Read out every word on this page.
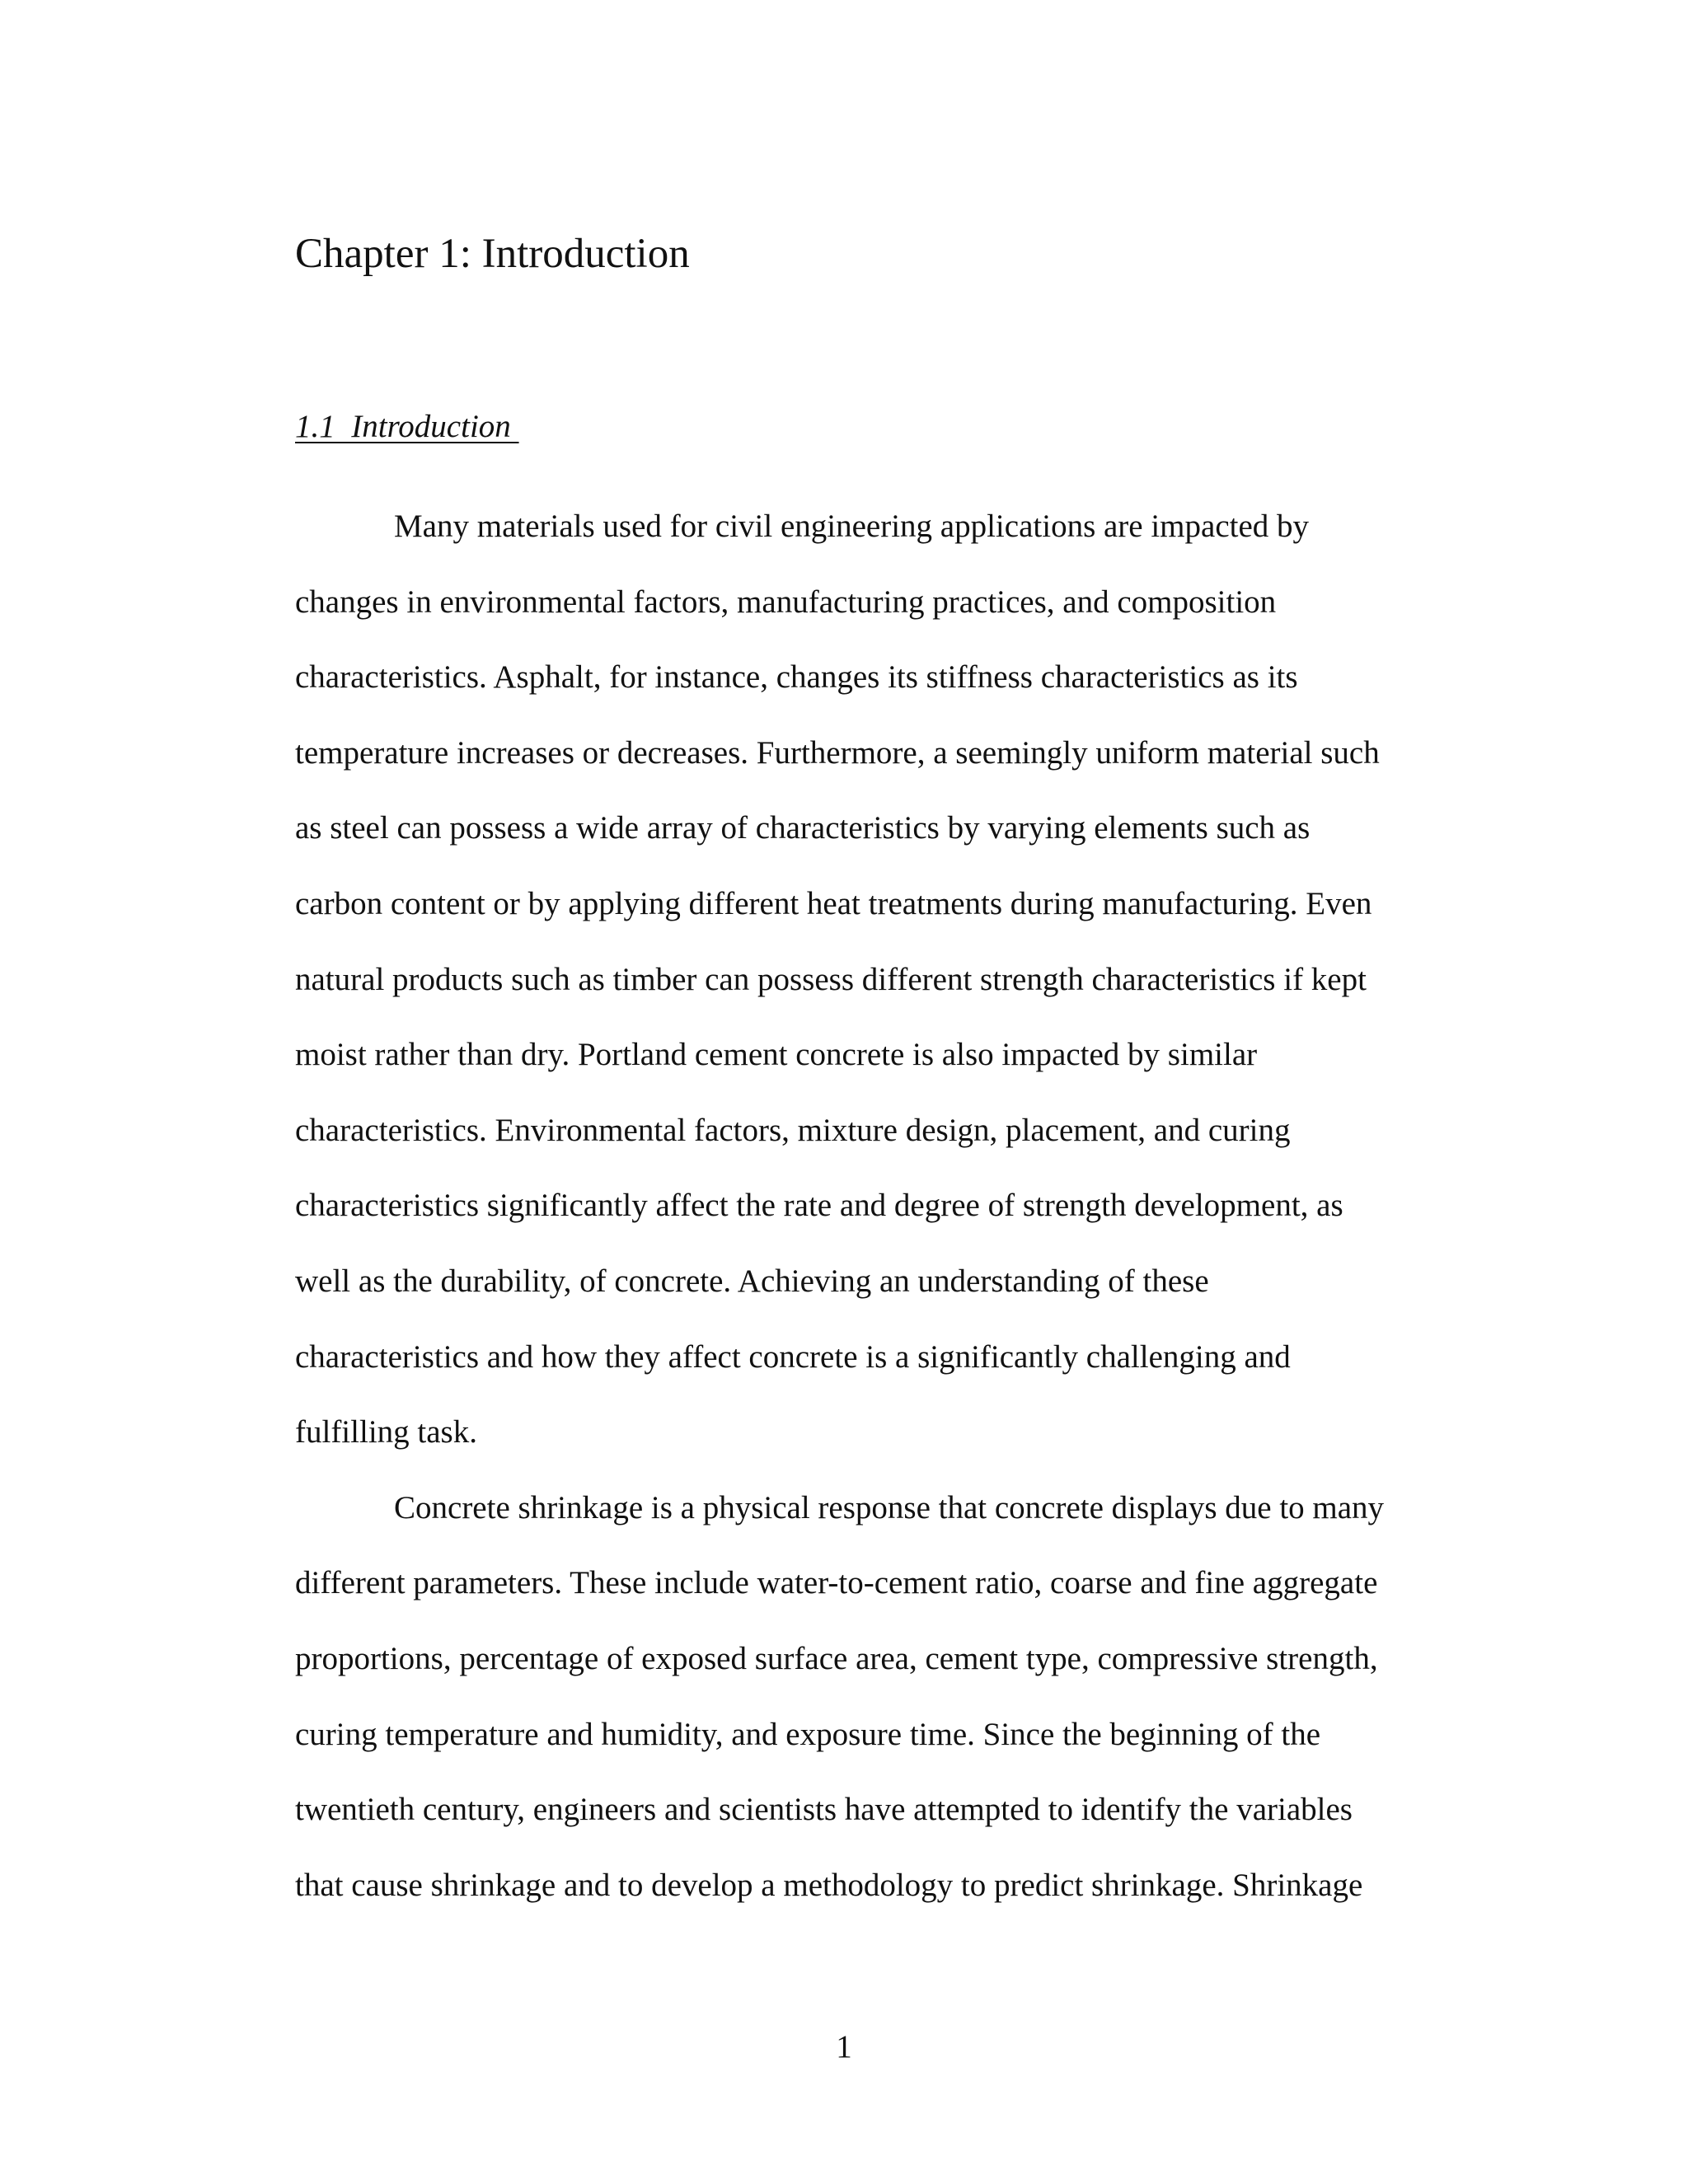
Chapter 1: Introduction
1.1  Introduction
Many materials used for civil engineering applications are impacted by
changes in environmental factors, manufacturing practices, and composition
characteristics. Asphalt, for instance, changes its stiffness characteristics as its
temperature increases or decreases. Furthermore, a seemingly uniform material such
as steel can possess a wide array of characteristics by varying elements such as
carbon content or by applying different heat treatments during manufacturing. Even
natural products such as timber can possess different strength characteristics if kept
moist rather than dry. Portland cement concrete is also impacted by similar
characteristics. Environmental factors, mixture design, placement, and curing
characteristics significantly affect the rate and degree of strength development, as
well as the durability, of concrete. Achieving an understanding of these
characteristics and how they affect concrete is a significantly challenging and
fulfilling task.
Concrete shrinkage is a physical response that concrete displays due to many
different parameters. These include water-to-cement ratio, coarse and fine aggregate
proportions, percentage of exposed surface area, cement type, compressive strength,
curing temperature and humidity, and exposure time. Since the beginning of the
twentieth century, engineers and scientists have attempted to identify the variables
that cause shrinkage and to develop a methodology to predict shrinkage. Shrinkage
1
